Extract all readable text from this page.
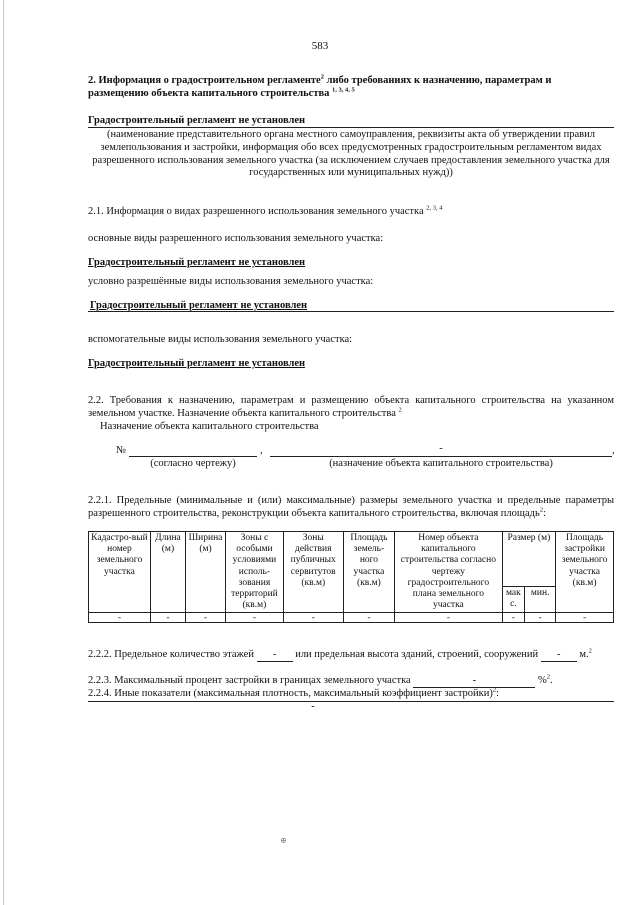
583
2. Информация о градостроительном регламенте$^2$ либо требованиях к назначению, параметрам и
размещению объекта капитального строительства $^{1, 3, 4, 5}$
Градостроительный регламент не установлен
(наименование представительного органа местного самоуправления, реквизиты акта об утверждении правил землепользования и застройки, информация обо всех предусмотренных градостроительным регламентом видах разрешенного использования земельного участка (за исключением случаев предоставления земельного участка для государственных или муниципальных нужд))
2.1. Информация о видах разрешенного использования земельного участка $^{2, 3, 4}$
основные виды разрешенного использования земельного участка:
Градостроительный регламент не установлен
условно разрешённые виды использования земельного участка:
Градостроительный регламент не установлен
вспомогательные виды использования земельного участка:
Градостроительный регламент не установлен
2.2. Требования к назначению, параметрам и размещению объекта капитального строительства на указанном земельном участке. Назначение объекта капитального строительства $^2$
Назначение объекта капитального строительства
№	,	-	,
(согласно чертежу)	(назначение объекта капитального строительства)
2.2.1. Предельные (минимальные и (или) максимальные) размеры земельного участка и предельные параметры разрешенного строительства, реконструкции объекта капитального строительства, включая площадь$^2$:
Кадастро-вый номер земельного участка	Длина (м)	Ширина (м)	Зоны с особыми условиями исполь-зования территорий (кв.м)	Зоны действия публичных сервитутов (кв.м)	Площадь земель-ного участка (кв.м)	Номер объекта капитального строительства согласно чертежу градостроительного плана земельного участка	Размер (м)		Площадь застройки земельного участка (кв.м)
							мак с.	мин.	
-	-	-	-	-	-	-	-	-	-
2.2.2. Предельное количество этажей - или предельная высота зданий, строений, сооружений - м.$^2$
2.2.3. Максимальный процент застройки в границах земельного участка	-	%$^2$.
2.2.4. Иные показатели (максимальная плотность, максимальный коэффициент застройки)$^2$:
-
⊕
